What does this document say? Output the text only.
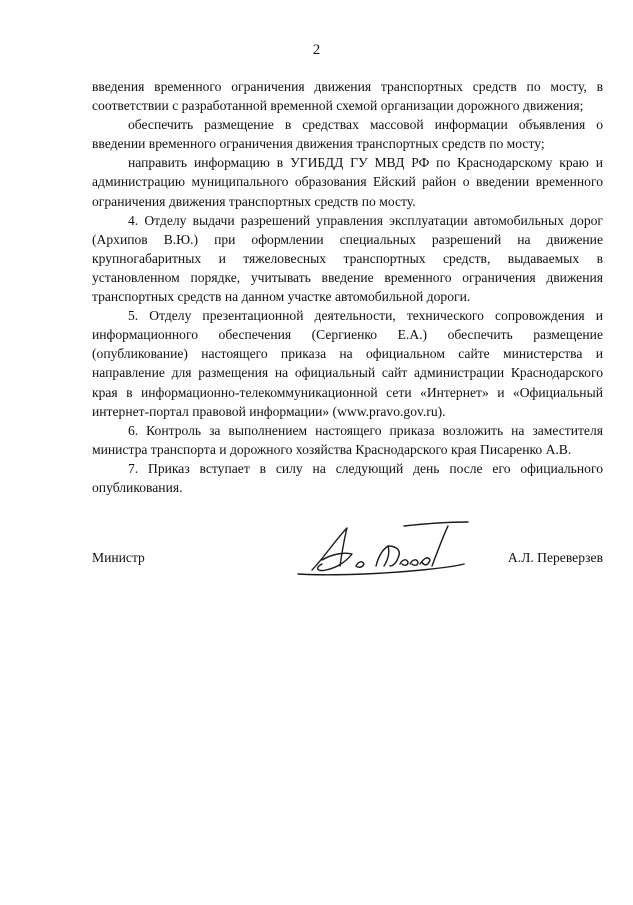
2

введения временного ограничения движения транспортных средств по мосту, в соответствии с разработанной временной схемой организации дорожного движения;

обеспечить размещение в средствах массовой информации объявления о введении временного ограничения движения транспортных средств по мосту;

направить информацию в УГИБДД ГУ МВД РФ по Краснодарскому краю и администрацию муниципального образования Ейский район о введении временного ограничения движения транспортных средств по мосту.

4. Отделу выдачи разрешений управления эксплуатации автомобильных дорог (Архипов В.Ю.) при оформлении специальных разрешений на движение крупногабаритных и тяжеловесных транспортных средств, выдаваемых в установленном порядке, учитывать введение временного ограничения движения транспортных средств на данном участке автомобильной дороги.

5. Отделу презентационной деятельности, технического сопровождения и информационного обеспечения (Сергиенко Е.А.) обеспечить размещение (опубликование) настоящего приказа на официальном сайте министерства и направление для размещения на официальный сайт администрации Краснодарского края в информационно-телекоммуникационной сети «Интернет» и «Официальный интернет-портал правовой информации» (www.pravo.gov.ru).

6. Контроль за выполнением настоящего приказа возложить на заместителя министра транспорта и дорожного хозяйства Краснодарского края Писаренко А.В.

7. Приказ вступает в силу на следующий день после его официального опубликования.

Министр	А.Л. Переверзев
